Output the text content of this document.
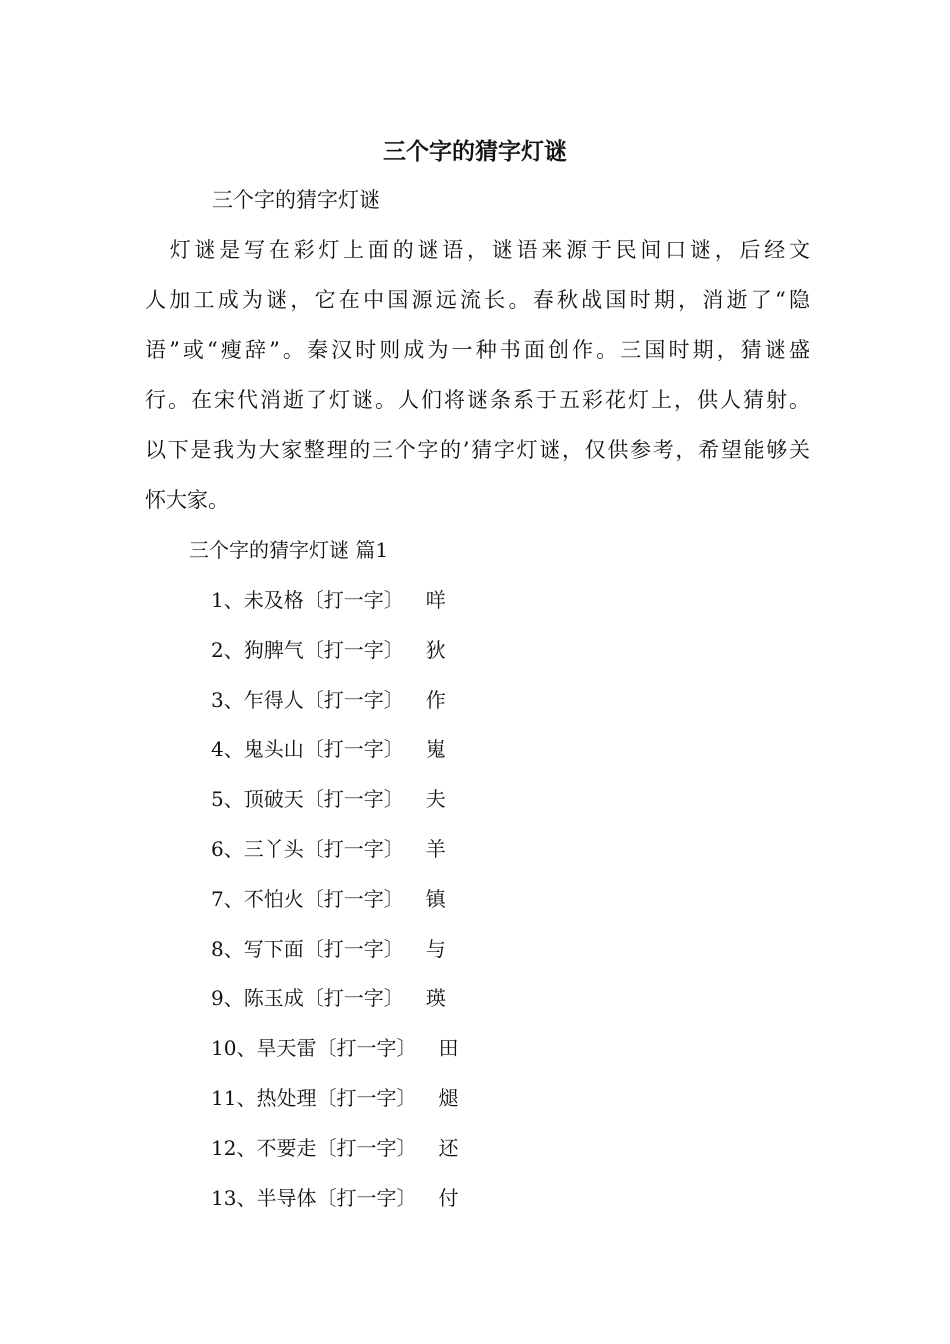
三个字的猜字灯谜
三个字的猜字灯谜
　灯谜是写在彩灯上面的谜语，谜语来源于民间口谜，后经文
人加工成为谜，它在中国源远流长。春秋战国时期，消逝了“隐
语”或“瘦辞”。秦汉时则成为一种书面创作。三国时期，猜谜盛
行。在宋代消逝了灯谜。人们将谜条系于五彩花灯上，供人猜射。
以下是我为大家整理的三个字的’猜字灯谜，仅供参考，希望能够关
怀大家。
三个字的猜字灯谜 篇1
1、未及格〔打一字〕 咩
2、狗脾气〔打一字〕 狄
3、乍得人〔打一字〕 作
4、鬼头山〔打一字〕 嵬
5、顶破天〔打一字〕 夫
6、三丫头〔打一字〕 羊
7、不怕火〔打一字〕 镇
8、写下面〔打一字〕 与
9、陈玉成〔打一字〕 瑛
10、旱天雷〔打一字〕 田
11、热处理〔打一字〕 煺
12、不要走〔打一字〕 还
13、半导体〔打一字〕 付
